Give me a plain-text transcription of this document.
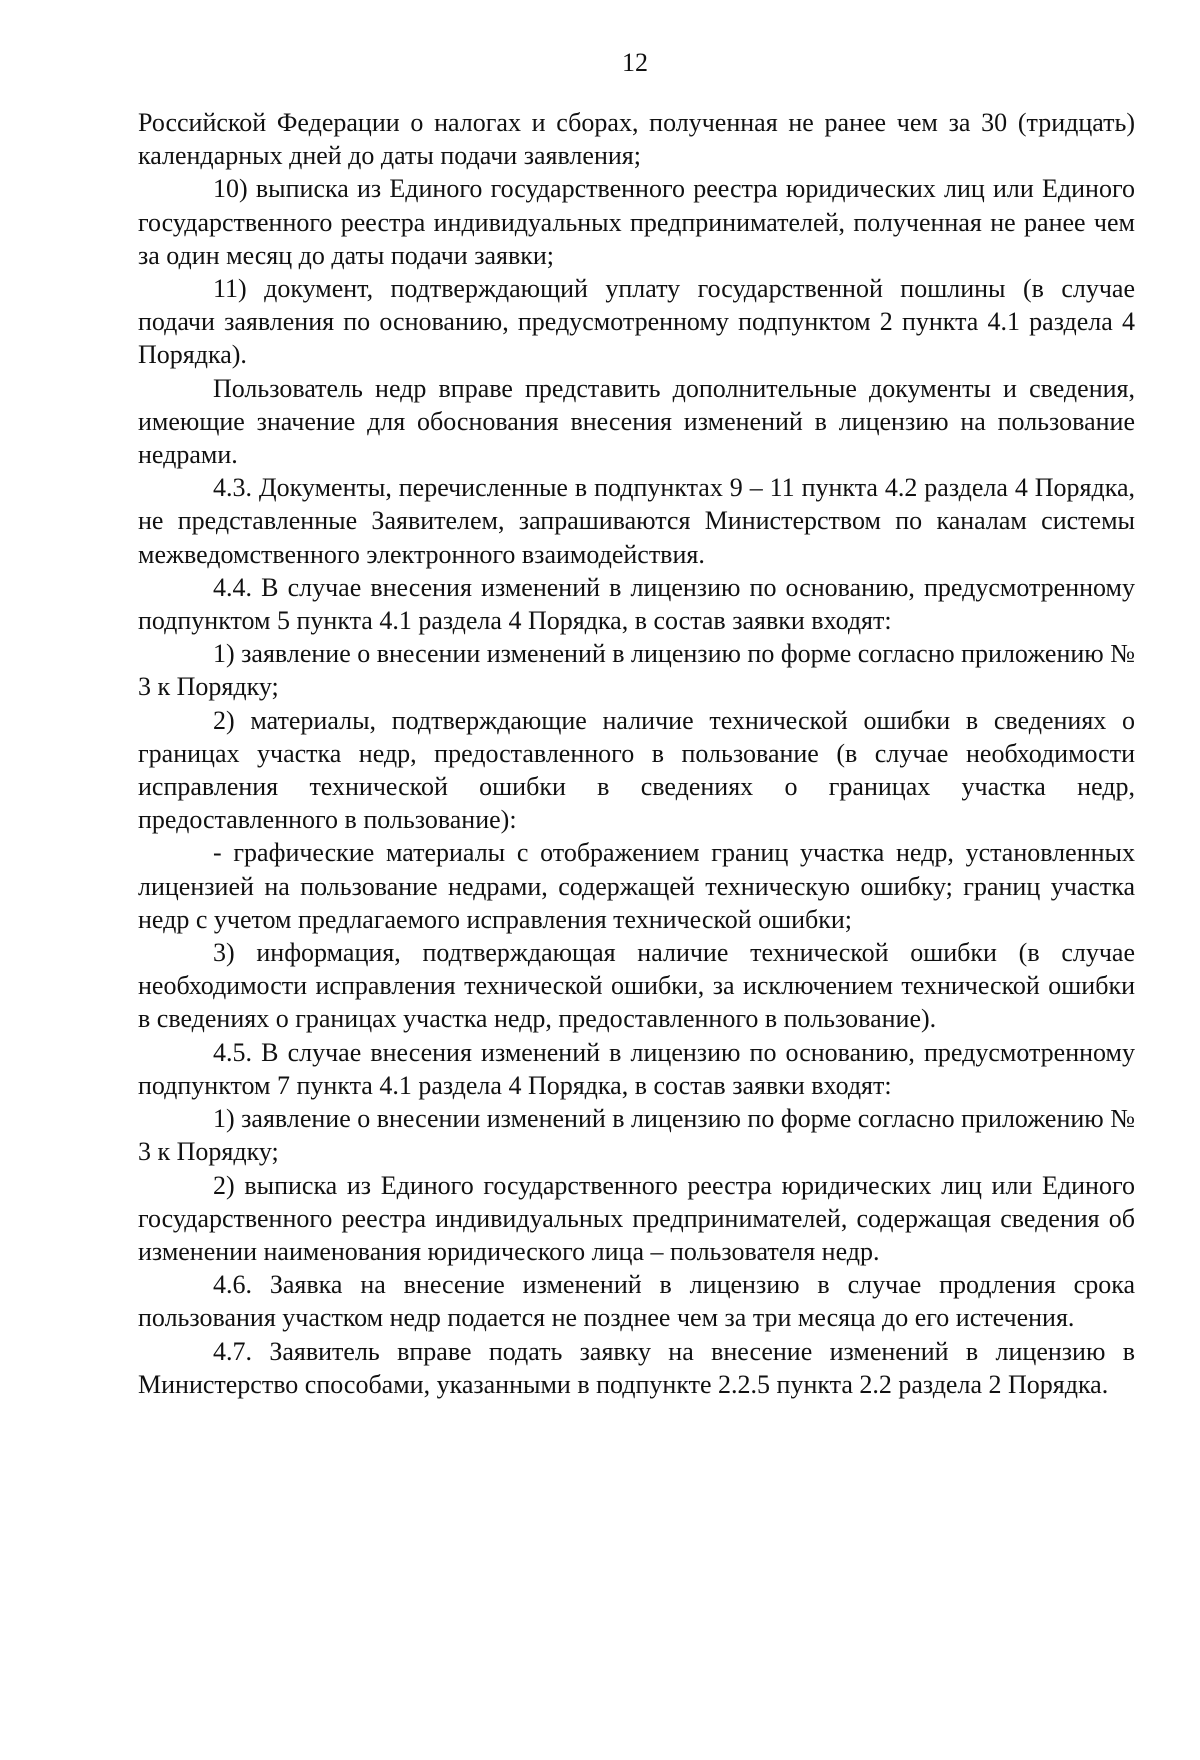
12

Российской Федерации о налогах и сборах, полученная не ранее чем за 30 (тридцать) календарных дней до даты подачи заявления;

10) выписка из Единого государственного реестра юридических лиц или Единого государственного реестра индивидуальных предпринимателей, полученная не ранее чем за один месяц до даты подачи заявки;

11) документ, подтверждающий уплату государственной пошлины (в случае подачи заявления по основанию, предусмотренному подпунктом 2 пункта 4.1 раздела 4 Порядка).

Пользователь недр вправе представить дополнительные документы и сведения, имеющие значение для обоснования внесения изменений в лицензию на пользование недрами.

4.3. Документы, перечисленные в подпунктах 9 – 11 пункта 4.2 раздела 4 Порядка, не представленные Заявителем, запрашиваются Министерством по каналам системы межведомственного электронного взаимодействия.

4.4. В случае внесения изменений в лицензию по основанию, предусмотренному подпунктом 5 пункта 4.1 раздела 4 Порядка, в состав заявки входят:

1) заявление о внесении изменений в лицензию по форме согласно приложению № 3 к Порядку;

2) материалы, подтверждающие наличие технической ошибки в сведениях о границах участка недр, предоставленного в пользование (в случае необходимости исправления технической ошибки в сведениях о границах участка недр, предоставленного в пользование):

- графические материалы с отображением границ участка недр, установленных лицензией на пользование недрами, содержащей техническую ошибку; границ участка недр с учетом предлагаемого исправления технической ошибки;

3) информация, подтверждающая наличие технической ошибки (в случае необходимости исправления технической ошибки, за исключением технической ошибки в сведениях о границах участка недр, предоставленного в пользование).

4.5. В случае внесения изменений в лицензию по основанию, предусмотренному подпунктом 7 пункта 4.1 раздела 4 Порядка, в состав заявки входят:

1) заявление о внесении изменений в лицензию по форме согласно приложению № 3 к Порядку;

2) выписка из Единого государственного реестра юридических лиц или Единого государственного реестра индивидуальных предпринимателей, содержащая сведения об изменении наименования юридического лица – пользователя недр.

4.6. Заявка на внесение изменений в лицензию в случае продления срока пользования участком недр подается не позднее чем за три месяца до его истечения.

4.7. Заявитель вправе подать заявку на внесение изменений в лицензию в Министерство способами, указанными в подпункте 2.2.5 пункта 2.2 раздела 2 Порядка.
